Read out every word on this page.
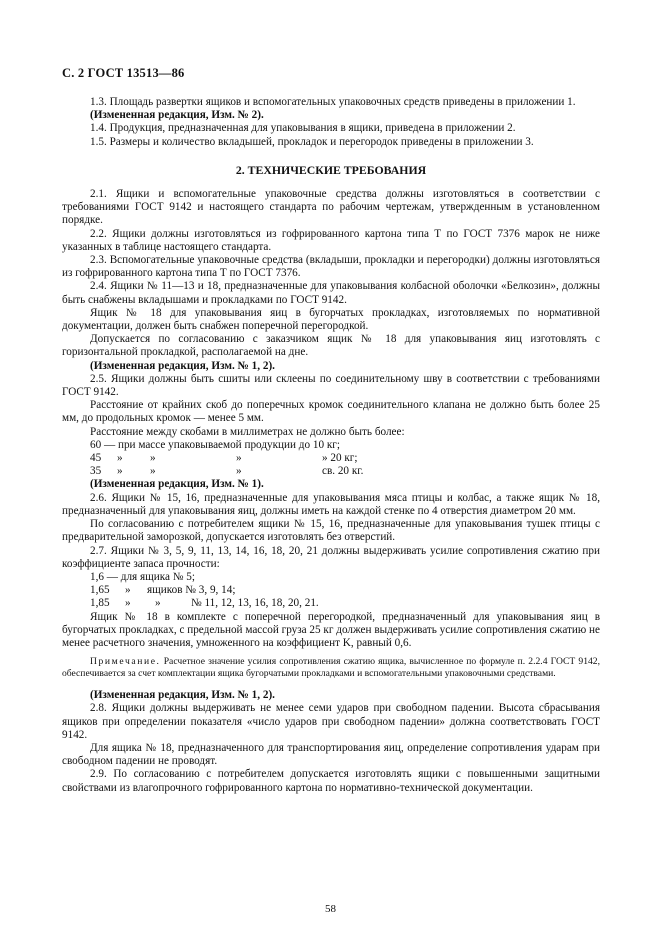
С. 2 ГОСТ 13513—86

1.3. Площадь развертки ящиков и вспомогательных упаковочных средств приведены в приложении 1.

(Измененная редакция, Изм. № 2).

1.4. Продукция, предназначенная для упаковывания в ящики, приведена в приложении 2.

1.5. Размеры и количество вкладышей, прокладок и перегородок приведены в приложении 3.

2. ТЕХНИЧЕСКИЕ ТРЕБОВАНИЯ

2.1. Ящики и вспомогательные упаковочные средства должны изготовляться в соответствии с требованиями ГОСТ 9142 и настоящего стандарта по рабочим чертежам, утвержденным в установленном порядке.

2.2. Ящики должны изготовляться из гофрированного картона типа Т по ГОСТ 7376 марок не ниже указанных в таблице настоящего стандарта.

2.3. Вспомогательные упаковочные средства (вкладыши, прокладки и перегородки) должны изготовляться из гофрированного картона типа Т по ГОСТ 7376.

2.4. Ящики № 11—13 и 18, предназначенные для упаковывания колбасной оболочки «Белкозин», должны быть снабжены вкладышами и прокладками по ГОСТ 9142.

Ящик № 18 для упаковывания яиц в бугорчатых прокладках, изготовляемых по нормативной документации, должен быть снабжен поперечной перегородкой.

Допускается по согласованию с заказчиком ящик № 18 для упаковывания яиц изготовлять с горизонтальной прокладкой, располагаемой на дне.

(Измененная редакция, Изм. № 1, 2).

2.5. Ящики должны быть сшиты или склеены по соединительному шву в соответствии с требованиями ГОСТ 9142.

Расстояние от крайних скоб до поперечных кромок соединительного клапана не должно быть более 25 мм, до продольных кромок — менее 5 мм.

Расстояние между скобами в миллиметрах не должно быть более:

60 — при массе упаковываемой продукции до 10 кг;

45	»	»	»	» 20 кг;
35	»	»	»	св. 20 кг.

(Измененная редакция, Изм. № 1).

2.6. Ящики № 15, 16, предназначенные для упаковывания мяса птицы и колбас, а также ящик № 18, предназначенный для упаковывания яиц, должны иметь на каждой стенке по 4 отверстия диаметром 20 мм.

По согласованию с потребителем ящики № 15, 16, предназначенные для упаковывания тушек птицы с предварительной заморозкой, допускается изготовлять без отверстий.

2.7. Ящики № 3, 5, 9, 11, 13, 14, 16, 18, 20, 21 должны выдерживать усилие сопротивления сжатию при коэффициенте запаса прочности:

1,6 — для ящика № 5;

1,65	»	ящиков № 3, 9, 14;
1,85	»	»	№ 11, 12, 13, 16, 18, 20, 21.

Ящик № 18 в комплекте с поперечной перегородкой, предназначенный для упаковывания яиц в бугорчатых прокладках, с предельной массой груза 25 кг должен выдерживать усилие сопротивления сжатию не менее расчетного значения, умноженного на коэффициент K, равный 0,6.

Примечание. Расчетное значение усилия сопротивления сжатию ящика, вычисленное по формуле п. 2.2.4 ГОСТ 9142, обеспечивается за счет комплектации ящика бугорчатыми прокладками и вспомогательными упаковочными средствами.

(Измененная редакция, Изм. № 1, 2).

2.8. Ящики должны выдерживать не менее семи ударов при свободном падении. Высота сбрасывания ящиков при определении показателя «число ударов при свободном падении» должна соответствовать ГОСТ 9142.

Для ящика № 18, предназначенного для транспортирования яиц, определение сопротивления ударам при свободном падении не проводят.

2.9. По согласованию с потребителем допускается изготовлять ящики с повышенными защитными свойствами из влагопрочного гофрированного картона по нормативно-технической документации.

58
